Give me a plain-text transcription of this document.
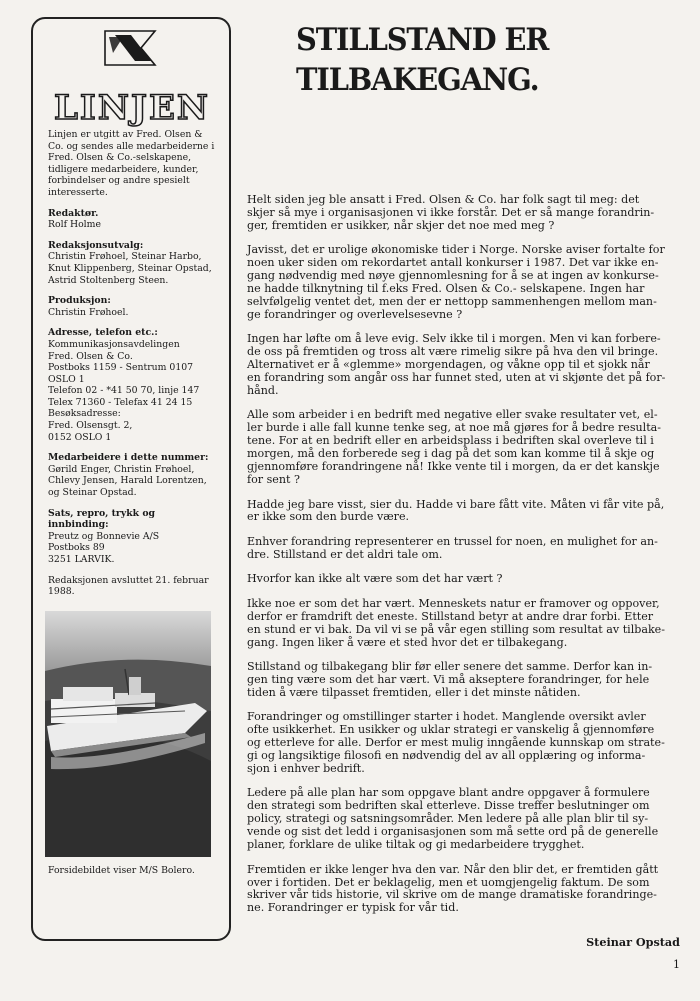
LINJEN

Linjen er utgitt av Fred. Olsen &
Co. og sendes alle medarbeiderne i
Fred. Olsen & Co.-selskapene,
tidligere medarbeidere, kunder,
forbindelser og andre spesielt
interesserte.

Redaktør.
Rolf Holme

Redaksjonsutvalg:
Christin Frøhoel, Steinar Harbo,
Knut Klippenberg, Steinar Opstad,
Astrid Stoltenberg Steen.

Produksjon:
Christin Frøhoel.

Adresse, telefon etc.:
Kommunikasjonsavdelingen
Fred. Olsen & Co.
Postboks 1159 - Sentrum 0107
OSLO 1
Telefon 02 - *41 50 70, linje 147
Telex 71360 - Telefax 41 24 15
Besøksadresse:
Fred. Olsensgt. 2,
0152 OSLO 1

Medarbeidere i dette nummer:
Gørild Enger, Christin Frøhoel,
Chlevy Jensen, Harald Lorentzen,
og Steinar Opstad.

Sats, repro, trykk og innbinding:
Preutz og Bonnevie A/S
Postboks 89
3251 LARVIK.

Redaksjonen avsluttet 21. februar
1988.

Forsidebildet viser M/S Bolero.
STILLSTAND ER
TILBAKEGANG.
Helt siden jeg ble ansatt i Fred. Olsen & Co. har folk sagt til meg: det
skjer så mye i organisasjonen vi ikke forstår. Det er så mange forandrin-
ger, fremtiden er usikker, når skjer det noe med meg ?
Javisst, det er urolige økonomiske tider i Norge. Norske aviser fortalte for
noen uker siden om rekordartet antall konkurser i 1987. Det var ikke en-
gang nødvendig med nøye gjennomlesning for å se at ingen av konkurse-
ne hadde tilknytning til f.eks Fred. Olsen & Co.- selskapene. Ingen har
selvfølgelig ventet det, men der er nettopp sammenhengen mellom man-
ge forandringer og overlevelsesevne ?
Ingen har løfte om å leve evig. Selv ikke til i morgen. Men vi kan forbere-
de oss på fremtiden og tross alt være rimelig sikre på hva den vil bringe.
Alternativet er å «glemme» morgendagen, og våkne opp til et sjokk når
en forandring som angår oss har funnet sted, uten at vi skjønte det på for-
hånd.
Alle som arbeider i en bedrift med negative eller svake resultater vet, el-
ler burde i alle fall kunne tenke seg, at noe må gjøres for å bedre resulta-
tene. For at en bedrift eller en arbeidsplass i bedriften skal overleve til i
morgen, må den forberede seg i dag på det som kan komme til å skje og
gjennomføre forandringene nå! Ikke vente til i morgen, da er det kanskje
for sent ?
Hadde jeg bare visst, sier du. Hadde vi bare fått vite. Måten vi får vite på,
er ikke som den burde være.
Enhver forandring representerer en trussel for noen, en mulighet for an-
dre. Stillstand er det aldri tale om.
Hvorfor kan ikke alt være som det har vært ?
Ikke noe er som det har vært. Menneskets natur er framover og oppover,
derfor er framdrift det eneste. Stillstand betyr at andre drar forbi. Etter
en stund er vi bak. Da vil vi se på vår egen stilling som resultat av tilbake-
gang. Ingen liker å være et sted hvor det er tilbakegang.
Stillstand og tilbakegang blir før eller senere det samme. Derfor kan in-
gen ting være som det har vært. Vi må akseptere forandringer, for hele
tiden å være tilpasset fremtiden, eller i det minste nåtiden.
Forandringer og omstillinger starter i hodet. Manglende oversikt avler
ofte usikkerhet. En usikker og uklar strategi er vanskelig å gjennomføre
og etterleve for alle. Derfor er mest mulig inngående kunnskap om strate-
gi og langsiktige filosofi en nødvendig del av all opplæring og informa-
sjon i enhver bedrift.
Ledere på alle plan har som oppgave blant andre oppgaver å formulere
den strategi som bedriften skal etterleve. Disse treffer beslutninger om
policy, strategi og satsningsområder. Men ledere på alle plan blir til sy-
vende og sist det ledd i organisasjonen som må sette ord på de generelle
planer, forklare de ulike tiltak og gi medarbeidere trygghet.
Fremtiden er ikke lenger hva den var. Når den blir det, er fremtiden gått
over i fortiden. Det er beklagelig, men et uomgjengelig faktum. De som
skriver vår tids historie, vil skrive om de mange dramatiske forandringe-
ne. Forandringer er typisk for vår tid.
Steinar Opstad
1
